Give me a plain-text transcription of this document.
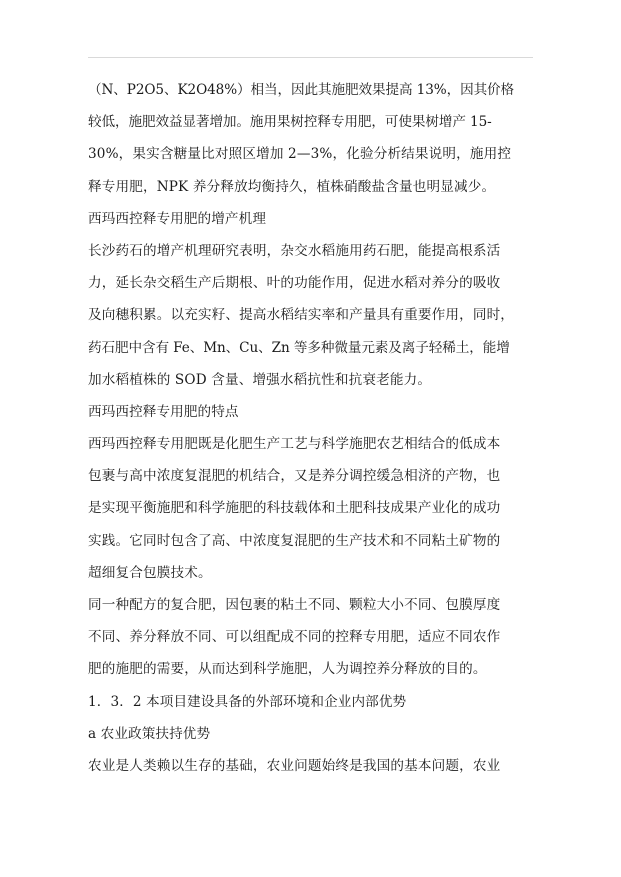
（N、P2O5、K2O48%）相当，因此其施肥效果提高 13%，因其价格
较低，施肥效益显著增加。施用果树控释专用肥，可使果树增产 15-
30%，果实含糖量比对照区增加 2—3%，化验分析结果说明，施用控
释专用肥，NPK 养分释放均衡持久，植株硝酸盐含量也明显减少。
西玛西控释专用肥的增产机理
长沙药石的增产机理研究表明，杂交水稻施用药石肥，能提高根系活
力，延长杂交稻生产后期根、叶的功能作用，促进水稻对养分的吸收
及向穗积累。以充实籽、提高水稻结实率和产量具有重要作用，同时，
药石肥中含有 Fe、Mn、Cu、Zn 等多种微量元素及离子轻稀土，能增
加水稻植株的 SOD 含量、增强水稻抗性和抗衰老能力。
西玛西控释专用肥的特点
西玛西控释专用肥既是化肥生产工艺与科学施肥农艺相结合的低成本
包裹与高中浓度复混肥的机结合，又是养分调控缓急相济的产物，也
是实现平衡施肥和科学施肥的科技载体和土肥科技成果产业化的成功
实践。它同时包含了高、中浓度复混肥的生产技术和不同粘土矿物的
超细复合包膜技术。
同一种配方的复合肥，因包裹的粘土不同、颗粒大小不同、包膜厚度
不同、养分释放不同、可以组配成不同的控释专用肥，适应不同农作
肥的施肥的需要，从而达到科学施肥，人为调控养分释放的目的。
1．3．2 本项目建设具备的外部环境和企业内部优势
a 农业政策扶持优势
农业是人类赖以生存的基础，农业问题始终是我国的基本问题，农业
